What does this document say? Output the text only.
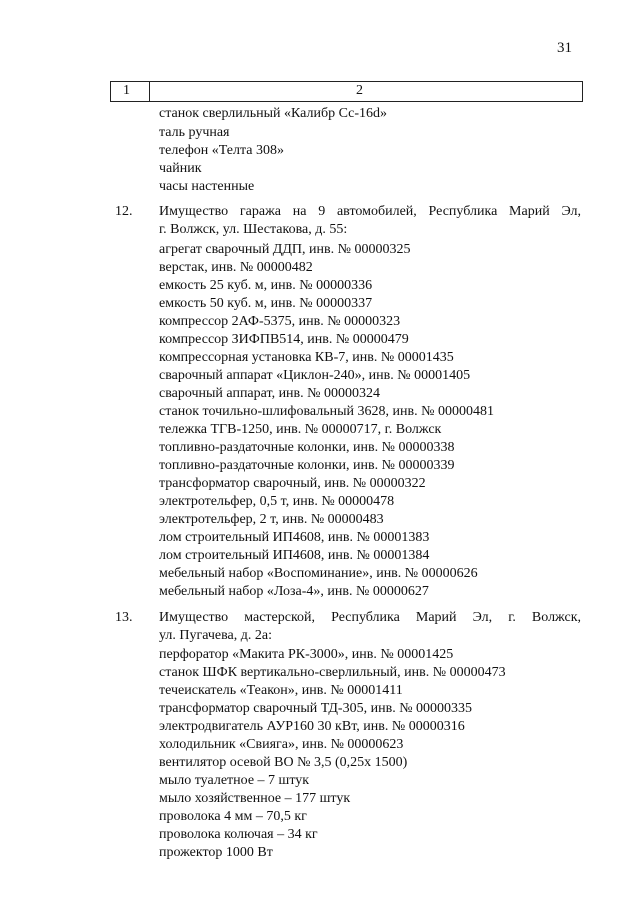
31
1	2
станок сверлильный «Калибр Сс-16d»
таль ручная
телефон «Телта 308»
чайник
часы настенные
12. Имущество гаража на 9 автомобилей, Республика Марий Эл,
г. Волжск, ул. Шестакова, д. 55:
агрегат сварочный ДДП, инв. № 00000325
верстак, инв. № 00000482
емкость 25 куб. м, инв. № 00000336
емкость 50 куб. м, инв. № 00000337
компрессор 2АФ-5375, инв. № 00000323
компрессор ЗИФПВ514, инв. № 00000479
компрессорная установка КВ-7, инв. № 00001435
сварочный аппарат «Циклон-240», инв. № 00001405
сварочный аппарат, инв. № 00000324
станок точильно-шлифовальный 3628, инв. № 00000481
тележка ТГВ-1250, инв. № 00000717, г. Волжск
топливно-раздаточные колонки, инв. № 00000338
топливно-раздаточные колонки, инв. № 00000339
трансформатор сварочный, инв. № 00000322
электротельфер, 0,5 т, инв. № 00000478
электротельфер, 2 т, инв. № 00000483
лом строительный ИП4608, инв. № 00001383
лом строительный ИП4608, инв. № 00001384
мебельный набор «Воспоминание», инв. № 00000626
мебельный набор «Лоза-4», инв. № 00000627
13. Имущество мастерской, Республика Марий Эл, г. Волжск,
ул. Пугачева, д. 2а:
перфоратор «Макита РК-3000», инв. № 00001425
станок ШФК вертикально-сверлильный, инв. № 00000473
течеискатель «Теакон», инв. № 00001411
трансформатор сварочный ТД-305, инв. № 00000335
электродвигатель АУР160 30 кВт, инв. № 00000316
холодильник «Свияга», инв. № 00000623
вентилятор осевой ВО № 3,5 (0,25х 1500)
мыло туалетное – 7 штук
мыло хозяйственное – 177 штук
проволока 4 мм – 70,5 кг
проволока колючая – 34 кг
прожектор 1000 Вт
